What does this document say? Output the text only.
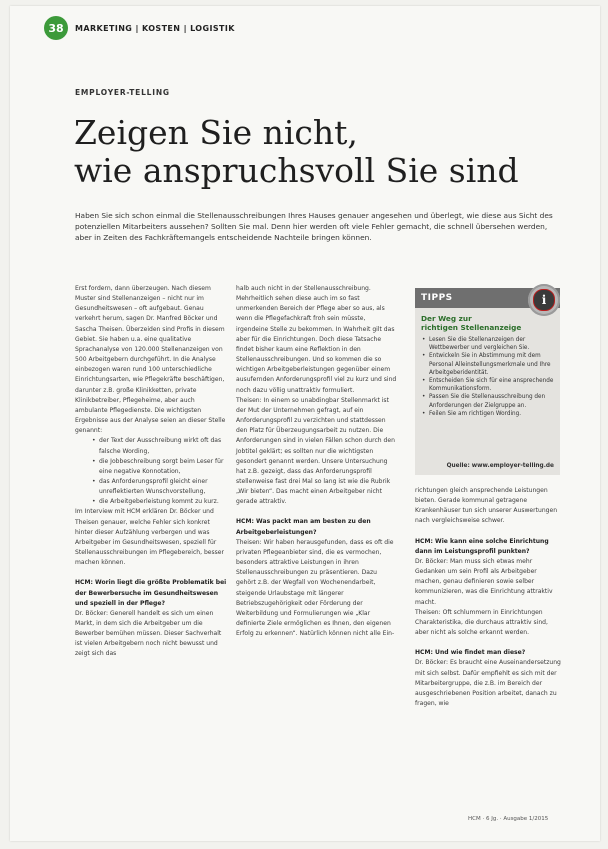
38	MARKETING | KOSTEN | LOGISTIK
EMPLOYER-TELLING
Zeigen Sie nicht,
wie anspruchsvoll Sie sind
Haben Sie sich schon einmal die Stellenausschreibungen Ihres Hauses genauer angesehen und überlegt, wie diese aus Sicht des potenziellen Mitarbeiters aussehen? Sollten Sie mal. Denn hier werden oft viele Fehler gemacht, die schnell übersehen werden, aber in Zeiten des Fachkräftemangels entscheidende Nachteile bringen können.

Erst fordern, dann überzeugen. Nach diesem Muster sind Stellenanzeigen – nicht nur im Gesundheitswesen – oft aufgebaut. Genau verkehrt herum, sagen Dr. Manfred Böcker und Sascha Theisen. Überzeiden sind Profis in diesem Gebiet. Sie haben u.a. eine qualitative Sprachanalyse von 120.000 Stellenanzeigen von 500 Arbeitgebern durchgeführt. In die Analyse einbezogen waren rund 100 unterschiedliche Einrichtungsarten, wie Pflegekräfte beschäftigen, darunter z.B. große Klinikketten, private Klinikbetreiber, Pflegeheime, aber auch ambulante Pflegedienste. Die wichtigsten Ergebnisse aus der Analyse seien an dieser Stelle genannt:

• der Text der Ausschreibung wirkt oft das falsche Wording,
• die Jobbeschreibung sorgt beim Leser für eine negative Konnotation,
• das Anforderungsprofil gleicht einer unreflektierten Wunschvorstellung,
• die Arbeitgeberleistung kommt zu kurz.

Im Interview mit HCM erklären Dr. Böcker und Theisen genauer, welche Fehler sich konkret hinter dieser Aufzählung verbergen und was Arbeitgeber im Gesundheitswesen, speziell für Stellenausschreibungen im Pflegebereich, besser machen können.

HCM: Worin liegt die größte Problematik bei der Bewerbersuche im Gesundheitswesen und speziell in der Pflege?

Dr. Böcker: Generell handelt es sich um einen Markt, in dem sich die Arbeitgeber um die Bewerber bemühen müssen. Dieser Sachverhalt ist vielen Arbeitgebern noch nicht bewusst und zeigt sich das

halb auch nicht in der Stellenausschreibung. Mehrheitlich sehen diese auch im so fast unmerkenden Bereich der Pflege aber so aus, als wenn die Pflegefachkraft froh sein müsste, irgendeine Stelle zu bekommen. In Wahrheit gilt das aber für die Einrichtungen. Doch diese Tatsache findet bisher kaum eine Reflektion in den Stellenausschreibungen. Und so kommen die so wichtigen Arbeitgeberleistungen gegenüber einem ausufernden Anforderungsprofil viel zu kurz und sind noch dazu völlig unattraktiv formuliert.

Theisen: In einem so unabdingbar Stellenmarkt ist der Mut der Unternehmen gefragt, auf ein Anforderungsprofil zu verzichten und stattdessen den Platz für Überzeugungsarbeit zu nutzen. Die Anforderungen sind in vielen Fällen schon durch den Jobtitel geklärt; es sollten nur die wichtigsten gesondert genannt werden. Unsere Untersuchung hat z.B. gezeigt, dass das Anforderungsprofil stellenweise fast drei Mal so lang ist wie die Rubrik „Wir bieten“. Das macht einen Arbeitgeber nicht gerade attraktiv.

HCM: Was packt man am besten zu den Arbeitgeberleistungen?

Theisen: Wir haben herausgefunden, dass es oft die privaten Pflegeanbieter sind, die es vermochen, besonders attraktive Leistungen in ihren Stellenausschreibungen zu präsentieren. Dazu gehört z.B. der Wegfall von Wochenendarbeit, steigende Urlaubstage mit längerer Betriebszugehörigkeit oder Förderung der Weiterbildung und Formulierungen wie „Klar definierte Ziele ermöglichen es Ihnen, den eigenen Erfolg zu erkennen“. Natürlich können nicht alle Ein-

TIPPS
Der Weg zur
richtigen Stellenanzeige
• Lesen Sie die Stellenanzeigen der Wettbewerber und vergleichen Sie.
• Entwickeln Sie in Abstimmung mit dem Personal Alleinstellungsmerkmale und Ihre Arbeitgeberidentität.
• Entscheiden Sie sich für eine ansprechende Kommunikationsform.
• Passen Sie die Stellenausschreibung den Anforderungen der Zielgruppe an.
• Feilen Sie am richtigen Wording.
Quelle: www.employer-telling.de
i

richtungen gleich ansprechende Leistungen bieten. Gerade kommunal getragene Krankenhäuser tun sich unserer Auswertungen nach vergleichsweise schwer.

HCM: Wie kann eine solche Einrichtung dann im Leistungsprofil punkten?

Dr. Böcker: Man muss sich etwas mehr Gedanken um sein Profil als Arbeitgeber machen, genau definieren sowie selber kommunizieren, was die Einrichtung attraktiv macht.

Theisen: Oft schlummern in Einrichtungen Charakteristika, die durchaus attraktiv sind, aber nicht als solche erkannt werden.

HCM: Und wie findet man diese?

Dr. Böcker: Es braucht eine Auseinandersetzung mit sich selbst. Dafür empfiehlt es sich mit der Mitarbeitergruppe, die z.B. im Bereich der ausgeschriebenen Position arbeitet, danach zu fragen, wie

HCM · 6 Jg. · Ausgabe 1/2015
